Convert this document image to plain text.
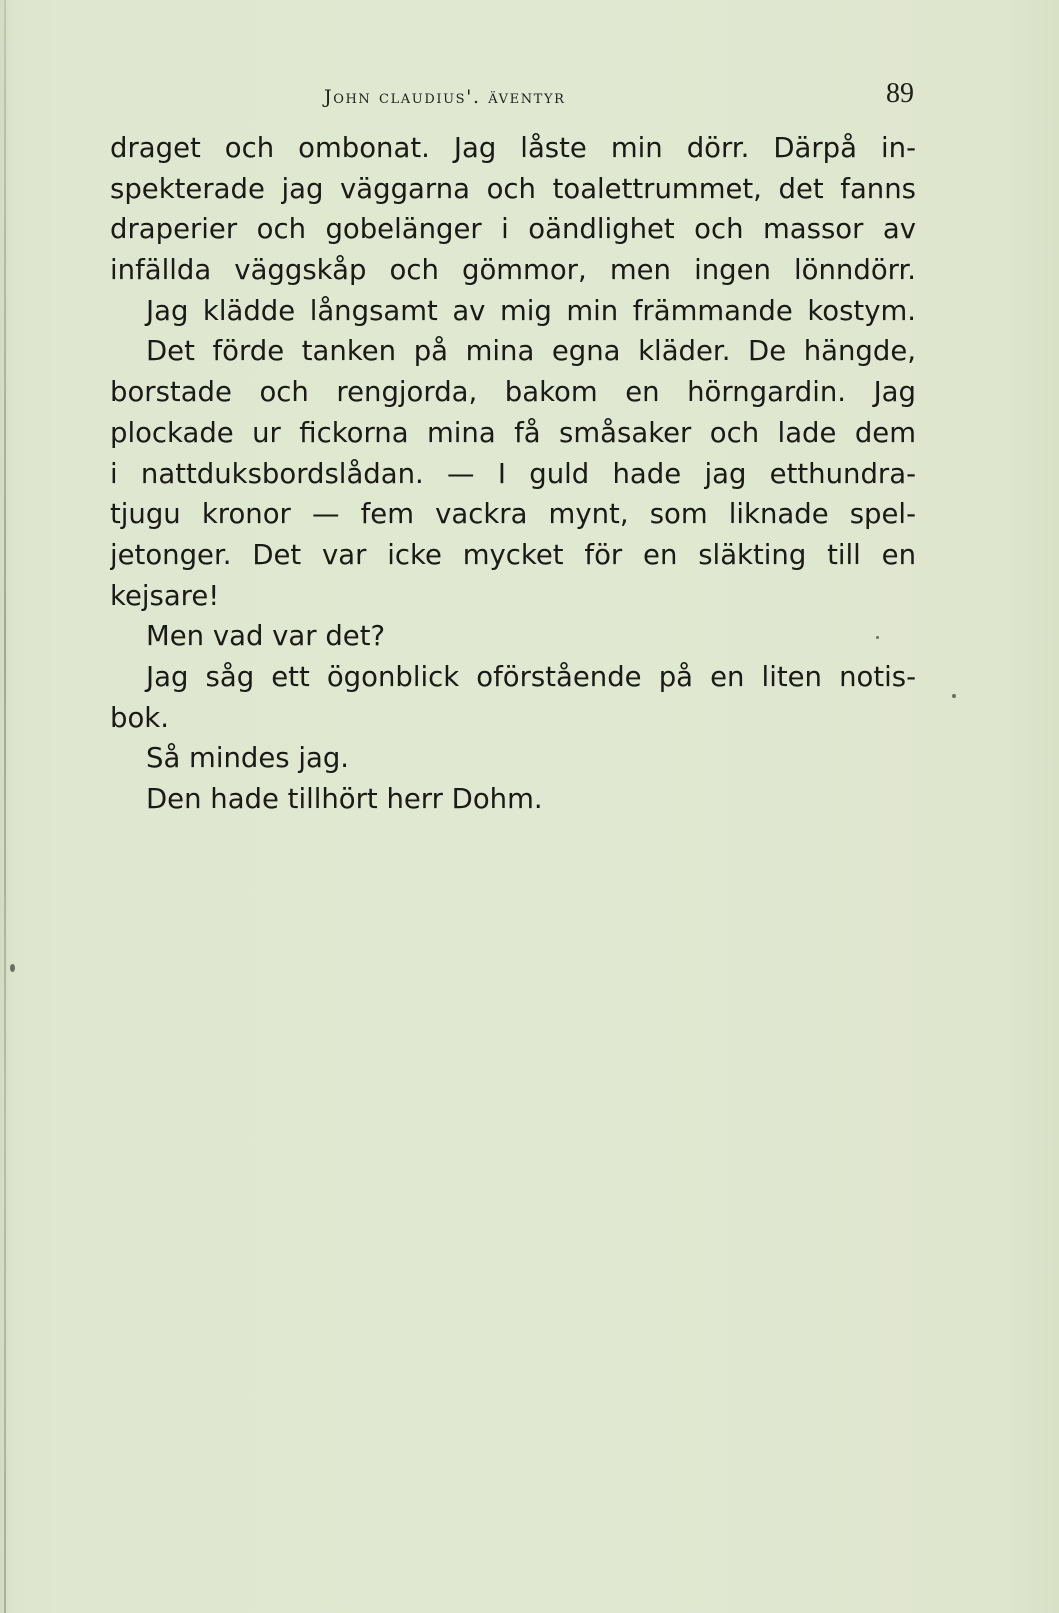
John claudius'. äventyr	89
draget och ombonat. Jag låste min dörr. Därpå in-
spekterade jag väggarna och toalettrummet, det fanns
draperier och gobelänger i oändlighet och massor av
infällda väggskåp och gömmor, men ingen lönndörr.
Jag klädde långsamt av mig min främmande kostym.
Det förde tanken på mina egna kläder. De hängde,
borstade och rengjorda, bakom en hörngardin. Jag
plockade ur fickorna mina få småsaker och lade dem
i nattduksbordslådan. — I guld hade jag etthundra-
tjugu kronor — fem vackra mynt, som liknade spel-
jetonger. Det var icke mycket för en släkting till en
kejsare!
Men vad var det?
Jag såg ett ögonblick oförstående på en liten notis-
bok.
Så mindes jag.
Den hade tillhört herr Dohm.
